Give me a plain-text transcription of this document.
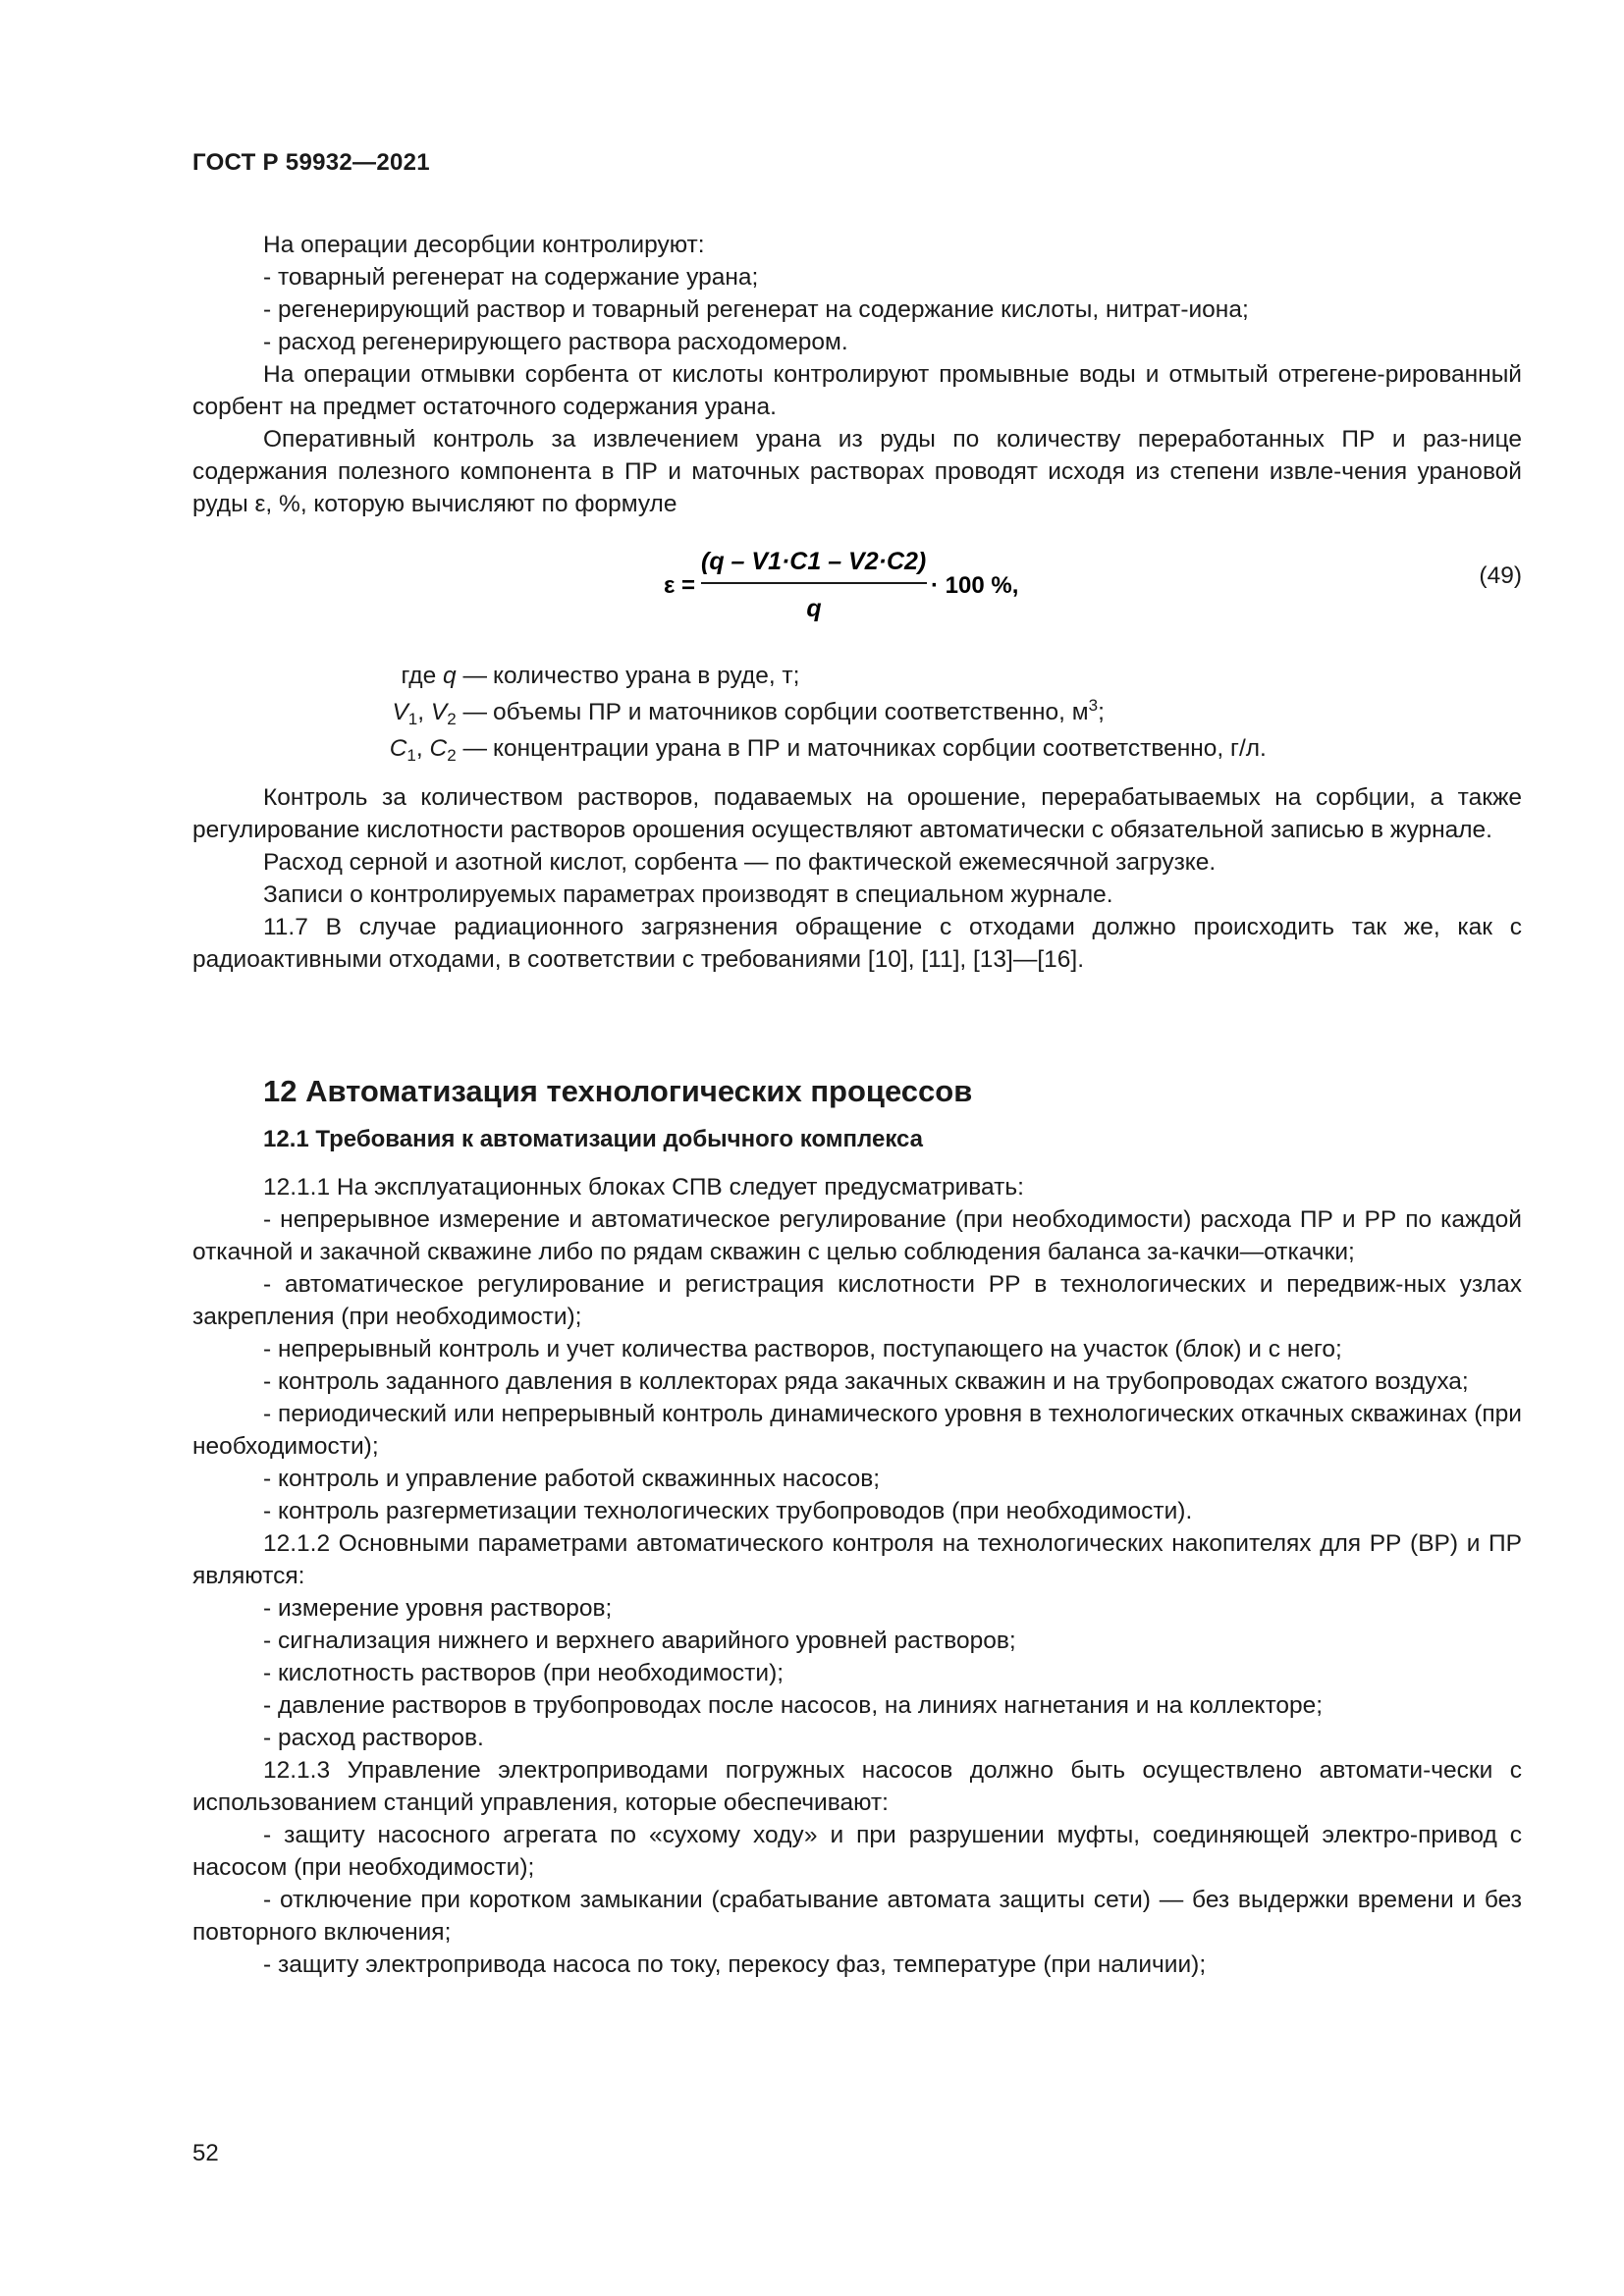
ГОСТ Р 59932—2021

На операции десорбции контролируют:

- товарный регенерат на содержание урана;

- регенерирующий раствор и товарный регенерат на содержание кислоты, нитрат-иона;

- расход регенерирующего раствора расходомером.

На операции отмывки сорбента от кислоты контролируют промывные воды и отмытый отрегене-рированный сорбент на предмет остаточного содержания урана.

Оперативный контроль за извлечением урана из руды по количеству переработанных ПР и раз-нице содержания полезного компонента в ПР и маточных растворах проводят исходя из степени извле-чения урановой руды ε, %, которую вычисляют по формуле

ε =
(q – V1·C1 – V2·C2)
q
· 100 %,	(49)
где q — количество урана в руде, т;
$V_1$, $V_2$ — объемы ПР и маточников сорбции соответственно, $м^3$;
$C_1$, $C_2$ — концентрации урана в ПР и маточниках сорбции соответственно, г/л.

Контроль за количеством растворов, подаваемых на орошение, перерабатываемых на сорбции, а также регулирование кислотности растворов орошения осуществляют автоматически с обязательной записью в журнале.

Расход серной и азотной кислот, сорбента — по фактической ежемесячной загрузке.

Записи о контролируемых параметрах производят в специальном журнале.

11.7 В случае радиационного загрязнения обращение с отходами должно происходить так же, как с радиоактивными отходами, в соответствии с требованиями [10], [11], [13]—[16].

12 Автоматизация технологических процессов
12.1 Требования к автоматизации добычного комплекса

12.1.1 На эксплуатационных блоках СПВ следует предусматривать:

- непрерывное измерение и автоматическое регулирование (при необходимости) расхода ПР и РР по каждой откачной и закачной скважине либо по рядам скважин с целью соблюдения баланса за-качки—откачки;

- автоматическое регулирование и регистрация кислотности РР в технологических и передвиж-ных узлах закрепления (при необходимости);

- непрерывный контроль и учет количества растворов, поступающего на участок (блок) и с него;

- контроль заданного давления в коллекторах ряда закачных скважин и на трубопроводах сжатого воздуха;

- периодический или непрерывный контроль динамического уровня в технологических откачных скважинах (при необходимости);

- контроль и управление работой скважинных насосов;

- контроль разгерметизации технологических трубопроводов (при необходимости).

12.1.2 Основными параметрами автоматического контроля на технологических накопителях для РР (ВР) и ПР являются:

- измерение уровня растворов;

- сигнализация нижнего и верхнего аварийного уровней растворов;

- кислотность растворов (при необходимости);

- давление растворов в трубопроводах после насосов, на линиях нагнетания и на коллекторе;

- расход растворов.

12.1.3 Управление электроприводами погружных насосов должно быть осуществлено автомати-чески с использованием станций управления, которые обеспечивают:

- защиту насосного агрегата по «сухому ходу» и при разрушении муфты, соединяющей электро-привод с насосом (при необходимости);

- отключение при коротком замыкании (срабатывание автомата защиты сети) — без выдержки времени и без повторного включения;

- защиту электропривода насоса по току, перекосу фаз, температуре (при наличии);

52
